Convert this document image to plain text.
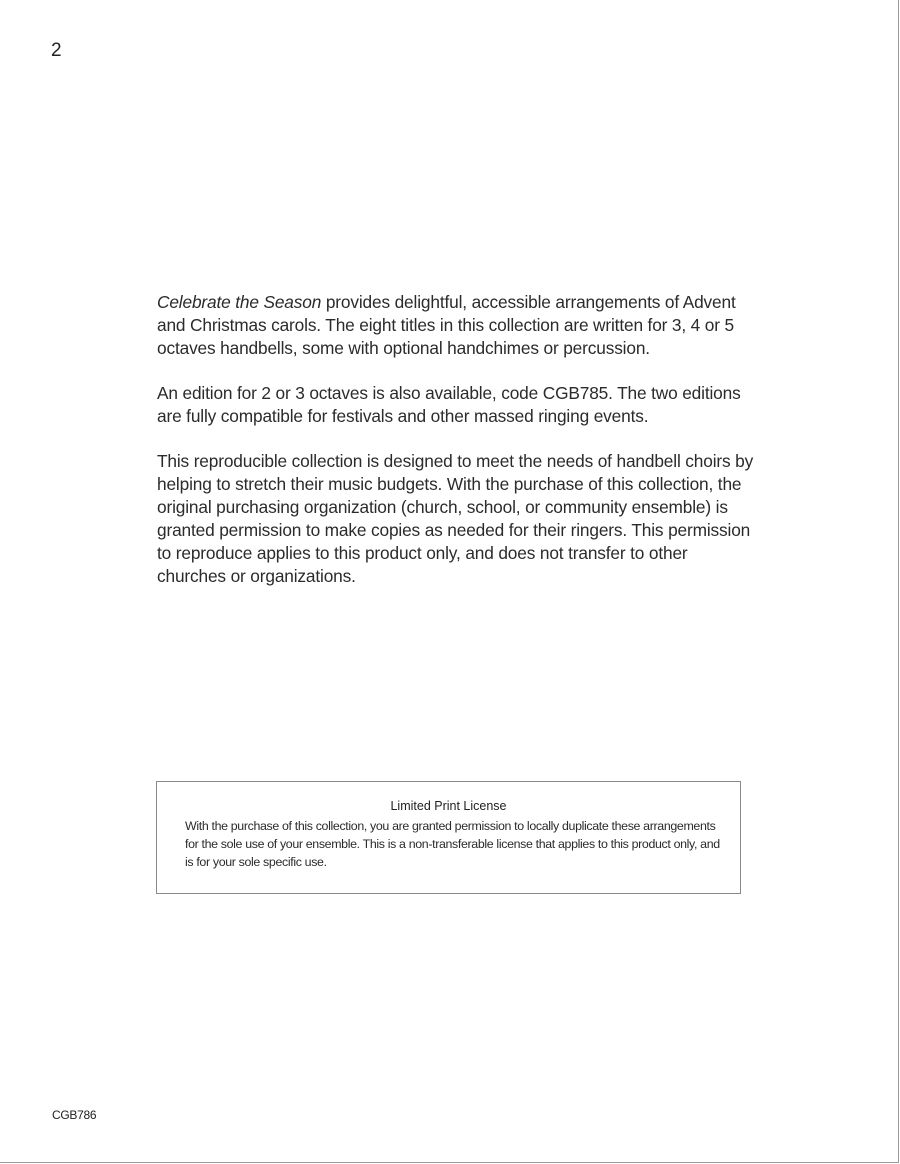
2

Celebrate the Season provides delightful, accessible arrangements of Advent and Christmas carols. The eight titles in this collection are written for 3, 4 or 5 octaves handbells, some with optional handchimes or percussion.

An edition for 2 or 3 octaves is also available, code CGB785. The two editions are fully compatible for festivals and other massed ringing events.

This reproducible collection is designed to meet the needs of handbell choirs by helping to stretch their music budgets. With the purchase of this collection, the original purchasing organization (church, school, or community ensemble) is granted permission to make copies as needed for their ringers. This permission to reproduce applies to this product only, and does not transfer to other churches or organizations.

Limited Print License
With the purchase of this collection, you are granted permission to locally duplicate these arrangements for the sole use of your ensemble. This is a non-transferable license that applies to this product only, and is for your sole specific use.
CGB786
